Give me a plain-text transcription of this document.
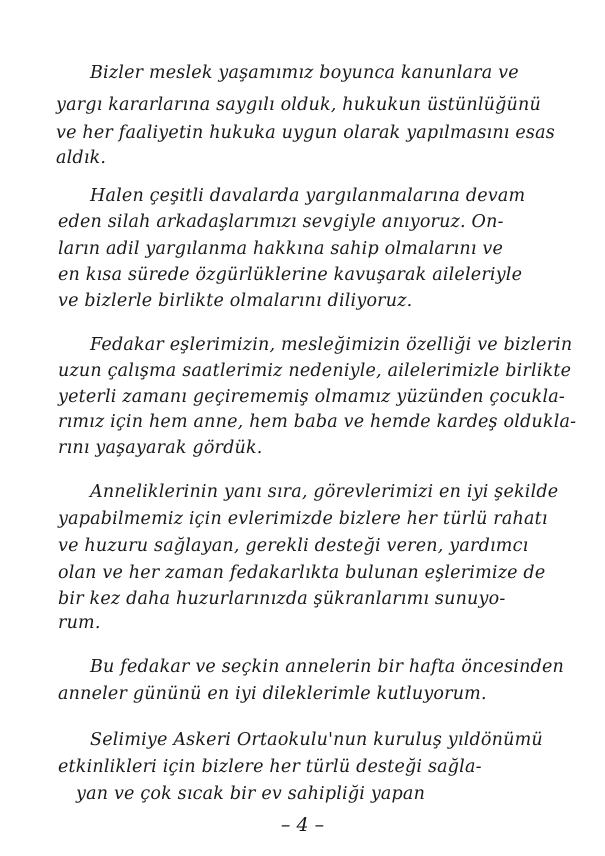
Bizler meslek yaşamımız boyunca kanunlara ve
yargı kararlarına saygılı olduk, hukukun üstünlüğünü
ve her faaliyetin hukuka uygun olarak yapılmasını esas
aldık.
Halen çeşitli davalarda yargılanmalarına devam
eden silah arkadaşlarımızı sevgiyle anıyoruz. On-
ların adil yargılanma hakkına sahip olmalarını ve
en kısa sürede özgürlüklerine kavuşarak aileleriyle
ve bizlerle birlikte olmalarını diliyoruz.
Fedakar eşlerimizin, mesleğimizin özelliği ve bizlerin
uzun çalışma saatlerimiz nedeniyle, ailelerimizle birlikte
yeterli zamanı geçirememiş olmamız yüzünden çocukla-
rımız için hem anne, hem baba ve hemde kardeş oldukla-
rını yaşayarak gördük.
Anneliklerinin yanı sıra, görevlerimizi en iyi şekilde
yapabilmemiz için evlerimizde bizlere her türlü rahatı
ve huzuru sağlayan, gerekli desteği veren, yardımcı
olan ve her zaman fedakarlıkta bulunan eşlerimize de
bir kez daha huzurlarınızda şükranlarımı sunuyo-
rum.
Bu fedakar ve seçkin annelerin bir hafta öncesinden
anneler gününü en iyi dileklerimle kutluyorum.
Selimiye Askeri Ortaokulu'nun kuruluş yıldönümü
etkinlikleri için bizlere her türlü desteği sağla-
yan ve çok sıcak bir ev sahipliği yapan
– 4 –
